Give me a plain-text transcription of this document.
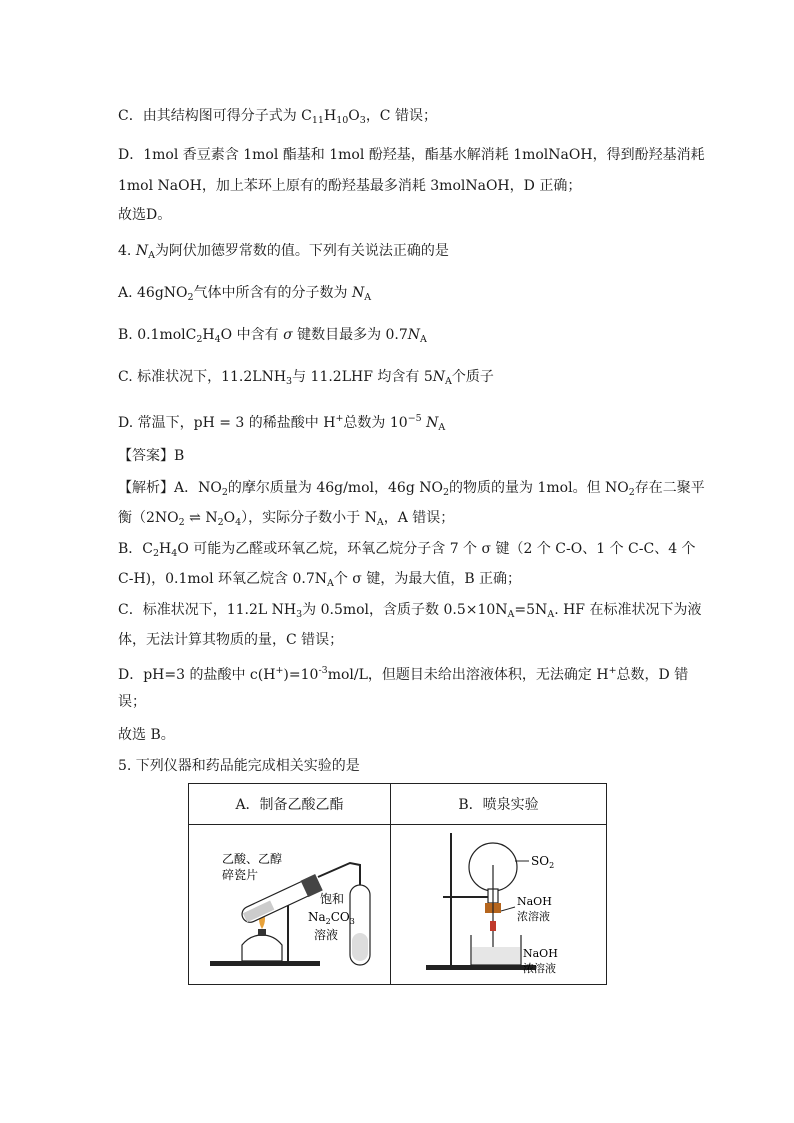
C．由其结构图可得分子式为 $C_{11}H_{10}O_3$，C 错误；
D．1mol 香豆素含 1mol 酯基和 1mol 酚羟基，酯基水解消耗 1molNaOH，得到酚羟基消耗
1mol NaOH，加上苯环上原有的酚羟基最多消耗 3molNaOH，D 正确；
故选D。
4. $N_A$为阿伏加德罗常数的值。下列有关说法正确的是
A. 46gNO$_2$气体中所含有的分子数为 $N_A$
B. $0.1molC_2H_4O$ 中含有 σ 键数目最多为 $0.7N_A$
C. 标准状况下，$11.2LNH_3$与 11.2LHF 均含有 $5N_A$个质子
D. 常温下，pH = 3 的稀盐酸中 H+总数为 $10^{-5}$ $N_A$
【答案】B
【解析】A．$NO_2$的摩尔质量为 46g/mol，46g $NO_2$的物质的量为 1mol。但 $NO_2$存在二聚平
衡（$2NO_2$ ⇌ $N_2O_4$），实际分子数小于 $N_A$，A 错误；
B．$C_2H_4O$ 可能为乙醛或环氧乙烷，环氧乙烷分子含 7 个 σ 键（2 个 C-O、1 个 C-C、4 个
C-H)，0.1mol 环氧乙烷含 $0.7N_A$个 σ 键，为最大值，B 正确；
C．标准状况下，11.2L $NH_3$为 0.5mol，含质子数 $0.5\times 10N_A=5N_A$. HF 在标准状况下为液
体，无法计算其物质的量，C 错误；
D．pH=3 的盐酸中 $c(H^+)=10^{-3}mol/L$，但题目未给出溶液体积，无法确定 H+总数，D 错
误；
故选 B。
5. 下列仪器和药品能完成相关实验的是
A．制备乙酸乙酯	B．喷泉实验

乙酸、乙醇
碎瓷片
饱和
$Na_2CO_3$
溶液	$SO_2$
NaOH
浓溶液
NaOH
浓溶液
